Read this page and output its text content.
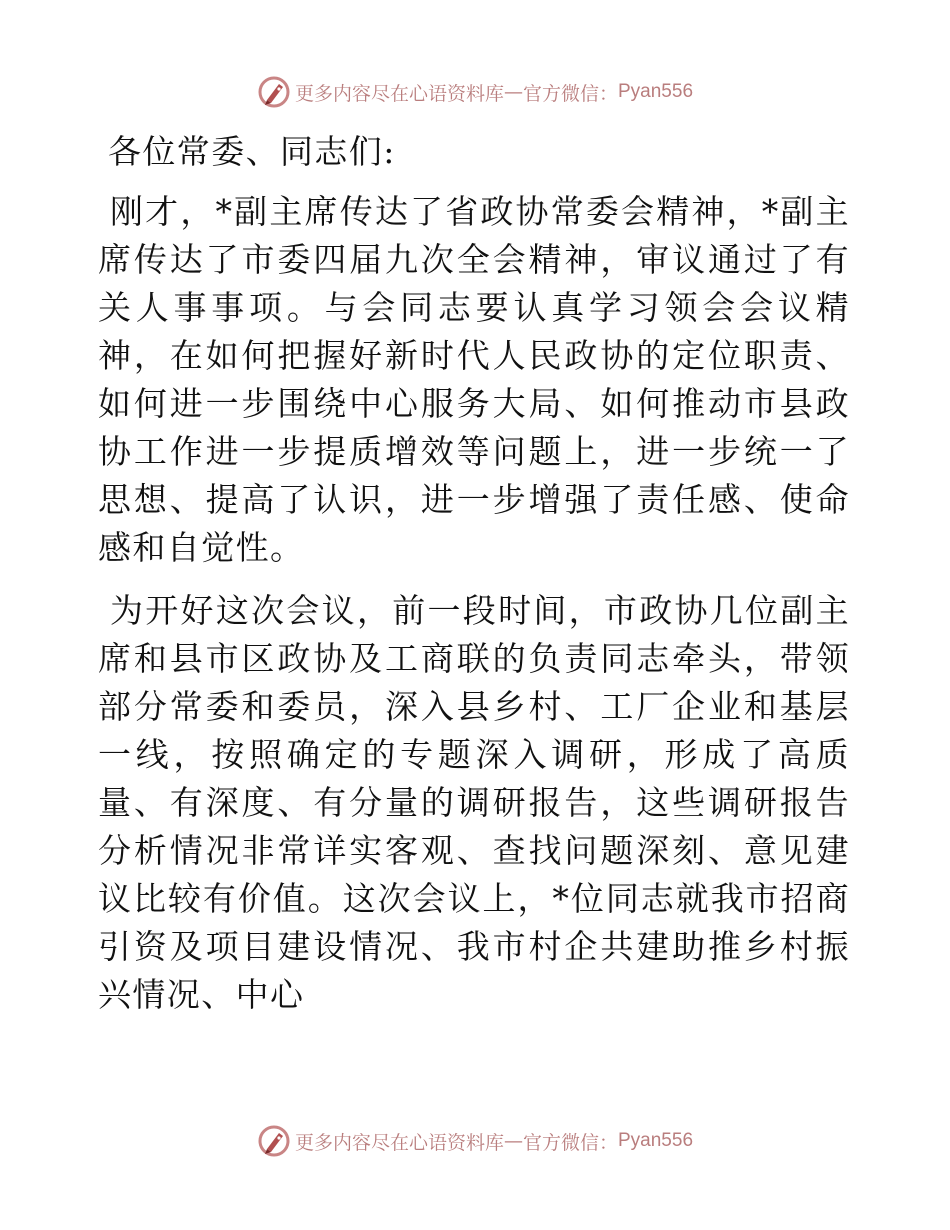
更多内容尽在心语资料库 — 官方微信： Pyan556

各位常委、同志们:

刚才，*副主席传达了省政协常委会精神，*副主席传达了市委四届九次全会精神，审议通过了有关人事事项。与会同志要认真学习领会会议精神，在如何把握好新时代人民政协的定位职责、如何进一步围绕中心服务大局、如何推动市县政协工作进一步提质增效等问题上，进一步统一了思想、提高了认识，进一步增强了责任感、使命感和自觉性。

为开好这次会议，前一段时间，市政协几位副主席和县市区政协及工商联的负责同志牵头，带领部分常委和委员，深入县乡村、工厂企业和基层一线，按照确定的专题深入调研，形成了高质量、有深度、有分量的调研报告，这些调研报告分析情况非常详实客观、查找问题深刻、意见建议比较有价值。这次会议上，*位同志就我市招商引资及项目建设情况、我市村企共建助推乡村振兴情况、中心

更多内容尽在心语资料库 — 官方微信： Pyan556
